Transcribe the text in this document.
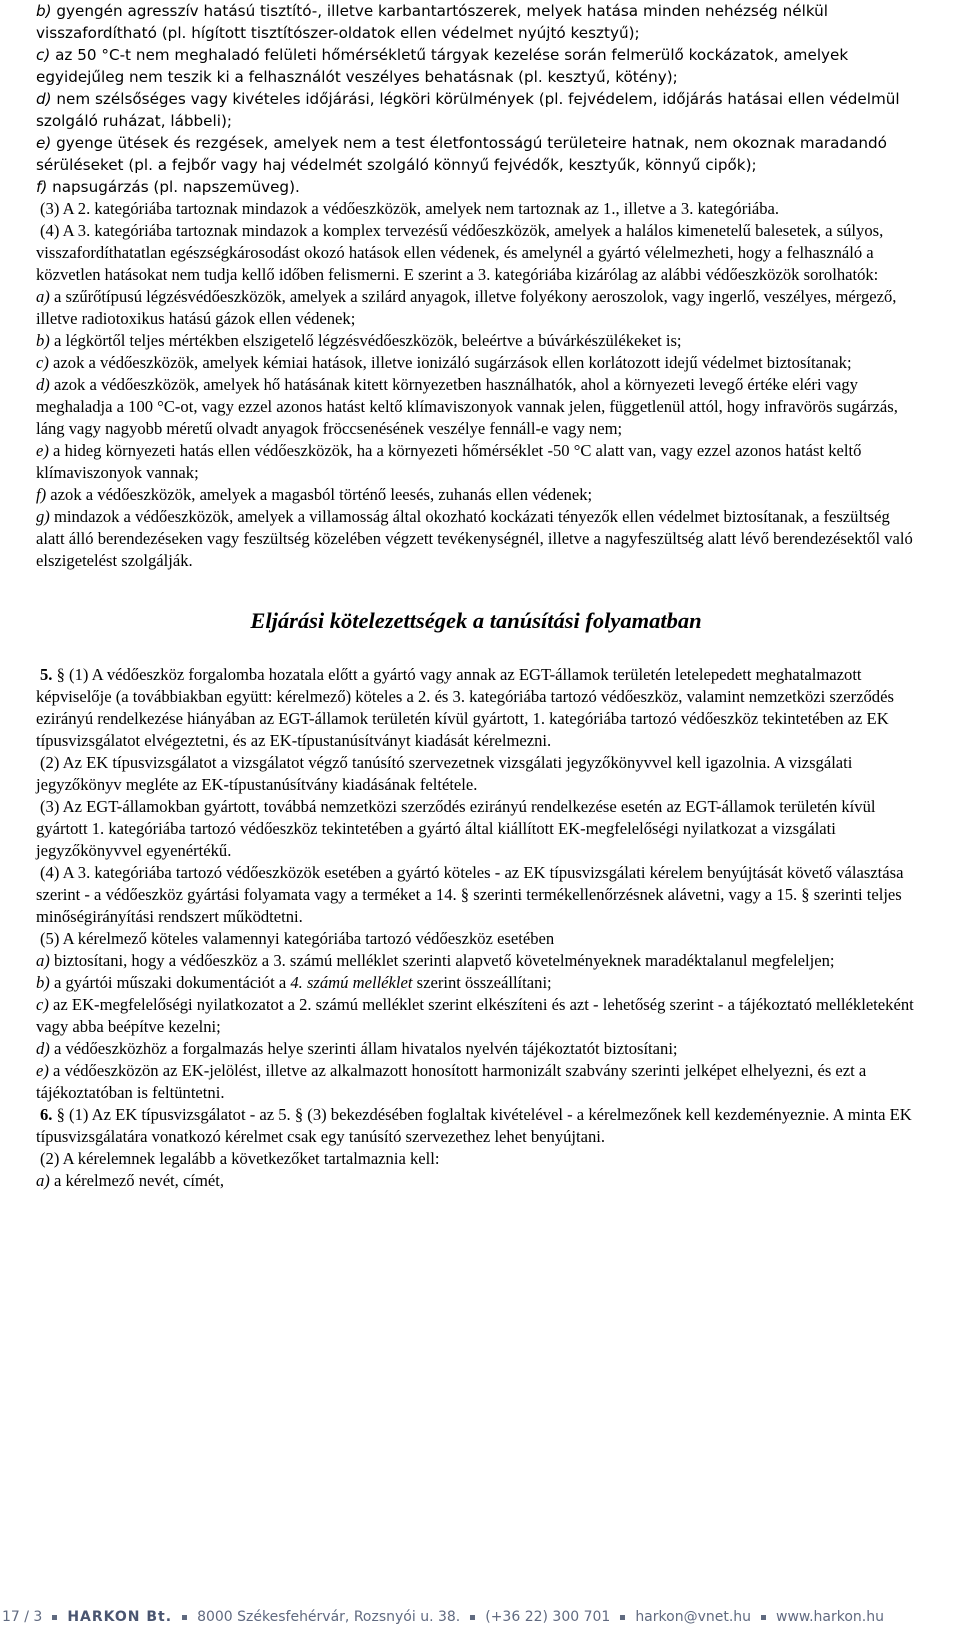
b) gyengén agresszív hatású tisztító-, illetve karbantartószerek, melyek hatása minden nehézség nélkül visszafordítható (pl. hígított tisztítószer-oldatok ellen védelmet nyújtó kesztyű);

c) az 50 °C-t nem meghaladó felületi hőmérsékletű tárgyak kezelése során felmerülő kockázatok, amelyek egyidejűleg nem teszik ki a felhasználót veszélyes behatásnak (pl. kesztyű, kötény);

d) nem szélsőséges vagy kivételes időjárási, légköri körülmények (pl. fejvédelem, időjárás hatásai ellen védelmül szolgáló ruházat, lábbeli);

e) gyenge ütések és rezgések, amelyek nem a test életfontosságú területeire hatnak, nem okoznak maradandó sérüléseket (pl. a fejbőr vagy haj védelmét szolgáló könnyű fejvédők, kesztyűk, könnyű cipők);

f) napsugárzás (pl. napszemüveg).

(3) A 2. kategóriába tartoznak mindazok a védőeszközök, amelyek nem tartoznak az 1., illetve a 3. kategóriába.

(4) A 3. kategóriába tartoznak mindazok a komplex tervezésű védőeszközök, amelyek a halálos kimenetelű balesetek, a súlyos, visszafordíthatatlan egészségkárosodást okozó hatások ellen védenek, és amelynél a gyártó vélelmezheti, hogy a felhasználó a közvetlen hatásokat nem tudja kellő időben felismerni. E szerint a 3. kategóriába kizárólag az alábbi védőeszközök sorolhatók:

a) a szűrőtípusú légzésvédőeszközök, amelyek a szilárd anyagok, illetve folyékony aeroszolok, vagy ingerlő, veszélyes, mérgező, illetve radiotoxikus hatású gázok ellen védenek;

b) a légkörtől teljes mértékben elszigetelő légzésvédőeszközök, beleértve a búvárkészülékeket is;

c) azok a védőeszközök, amelyek kémiai hatások, illetve ionizáló sugárzások ellen korlátozott idejű védelmet biztosítanak;

d) azok a védőeszközök, amelyek hő hatásának kitett környezetben használhatók, ahol a környezeti levegő értéke eléri vagy meghaladja a 100 °C-ot, vagy ezzel azonos hatást keltő klímaviszonyok vannak jelen, függetlenül attól, hogy infravörös sugárzás, láng vagy nagyobb méretű olvadt anyagok fröccsenésének veszélye fennáll-e vagy nem;

e) a hideg környezeti hatás ellen védőeszközök, ha a környezeti hőmérséklet -50 °C alatt van, vagy ezzel azonos hatást keltő klímaviszonyok vannak;

f) azok a védőeszközök, amelyek a magasból történő leesés, zuhanás ellen védenek;

g) mindazok a védőeszközök, amelyek a villamosság által okozható kockázati tényezők ellen védelmet biztosítanak, a feszültség alatt álló berendezéseken vagy feszültség közelében végzett tevékenységnél, illetve a nagyfeszültség alatt lévő berendezésektől való elszigetelést szolgálják.

Eljárási kötelezettségek a tanúsítási folyamatban

5. § (1) A védőeszköz forgalomba hozatala előtt a gyártó vagy annak az EGT-államok területén letelepedett meghatalmazott képviselője (a továbbiakban együtt: kérelmező) köteles a 2. és 3. kategóriába tartozó védőeszköz, valamint nemzetközi szerződés ezirányú rendelkezése hiányában az EGT-államok területén kívül gyártott, 1. kategóriába tartozó védőeszköz tekintetében az EK típusvizsgálatot elvégeztetni, és az EK-típustanúsítványt kiadását kérelmezni.

(2) Az EK típusvizsgálatot a vizsgálatot végző tanúsító szervezetnek vizsgálati jegyzőkönyvvel kell igazolnia. A vizsgálati jegyzőkönyv megléte az EK-típustanúsítvány kiadásának feltétele.

(3) Az EGT-államokban gyártott, továbbá nemzetközi szerződés ezirányú rendelkezése esetén az EGT-államok területén kívül gyártott 1. kategóriába tartozó védőeszköz tekintetében a gyártó által kiállított EK-megfelelőségi nyilatkozat a vizsgálati jegyzőkönyvvel egyenértékű.

(4) A 3. kategóriába tartozó védőeszközök esetében a gyártó köteles - az EK típusvizsgálati kérelem benyújtását követő választása szerint - a védőeszköz gyártási folyamata vagy a terméket a 14. § szerinti termékellenőrzésnek alávetni, vagy a 15. § szerinti teljes minőségirányítási rendszert működtetni.

(5) A kérelmező köteles valamennyi kategóriába tartozó védőeszköz esetében

a) biztosítani, hogy a védőeszköz a 3. számú melléklet szerinti alapvető követelményeknek maradéktalanul megfeleljen;

b) a gyártói műszaki dokumentációt a 4. számú melléklet szerint összeállítani;

c) az EK-megfelelőségi nyilatkozatot a 2. számú melléklet szerint elkészíteni és azt - lehetőség szerint - a tájékoztató mellékleteként vagy abba beépítve kezelni;

d) a védőeszközhöz a forgalmazás helye szerinti állam hivatalos nyelvén tájékoztatót biztosítani;

e) a védőeszközön az EK-jelölést, illetve az alkalmazott honosított harmonizált szabvány szerinti jelképet elhelyezni, és ezt a tájékoztatóban is feltüntetni.

6. § (1) Az EK típusvizsgálatot - az 5. § (3) bekezdésében foglaltak kivételével - a kérelmezőnek kell kezdeményeznie. A minta EK típusvizsgálatára vonatkozó kérelmet csak egy tanúsító szervezethez lehet benyújtani.

(2) A kérelemnek legalább a következőket tartalmaznia kell:

a) a kérelmező nevét, címét,

17 / 3	HARKON Bt.	8000 Székesfehérvár, Rozsnyói u. 38.	(+36 22) 300 701	harkon@vnet.hu	www.harkon.hu
